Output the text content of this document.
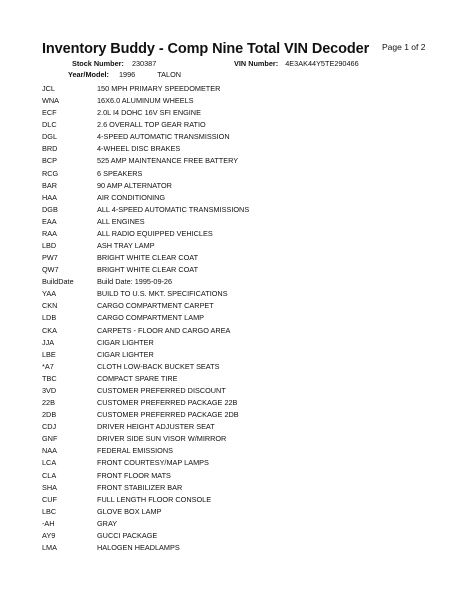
Inventory Buddy - Comp Nine Total VIN Decoder Page 1 of 2
Stock Number: 230387	VIN Number: 4E3AK44Y5TE290466
Year/Model: 1996	TALON
JCL	150 MPH PRIMARY SPEEDOMETER
WNA	16X6.0 ALUMINUM WHEELS
ECF	2.0L I4 DOHC 16V SFI ENGINE
DLC	2.6 OVERALL TOP GEAR RATIO
DGL	4-SPEED AUTOMATIC TRANSMISSION
BRD	4-WHEEL DISC BRAKES
BCP	525 AMP MAINTENANCE FREE BATTERY
RCG	6 SPEAKERS
BAR	90 AMP ALTERNATOR
HAA	AIR CONDITIONING
DGB	ALL 4-SPEED AUTOMATIC TRANSMISSIONS
EAA	ALL ENGINES
RAA	ALL RADIO EQUIPPED VEHICLES
LBD	ASH TRAY LAMP
PW7	BRIGHT WHITE CLEAR COAT
QW7	BRIGHT WHITE CLEAR COAT
BuildDate	Build Date: 1995-09-26
YAA	BUILD TO U.S. MKT. SPECIFICATIONS
CKN	CARGO COMPARTMENT CARPET
LDB	CARGO COMPARTMENT LAMP
CKA	CARPETS - FLOOR AND CARGO AREA
JJA	CIGAR LIGHTER
LBE	CIGAR LIGHTER
*A7	CLOTH LOW-BACK BUCKET SEATS
TBC	COMPACT SPARE TIRE
3VD	CUSTOMER PREFERRED DISCOUNT
22B	CUSTOMER PREFERRED PACKAGE 22B
2DB	CUSTOMER PREFERRED PACKAGE 2DB
CDJ	DRIVER HEIGHT ADJUSTER SEAT
GNF	DRIVER SIDE SUN VISOR W/MIRROR
NAA	FEDERAL EMISSIONS
LCA	FRONT COURTESY/MAP LAMPS
CLA	FRONT FLOOR MATS
SHA	FRONT STABILIZER BAR
CUF	FULL LENGTH FLOOR CONSOLE
LBC	GLOVE BOX LAMP
-AH	GRAY
AY9	GUCCI PACKAGE
LMA	HALOGEN HEADLAMPS
